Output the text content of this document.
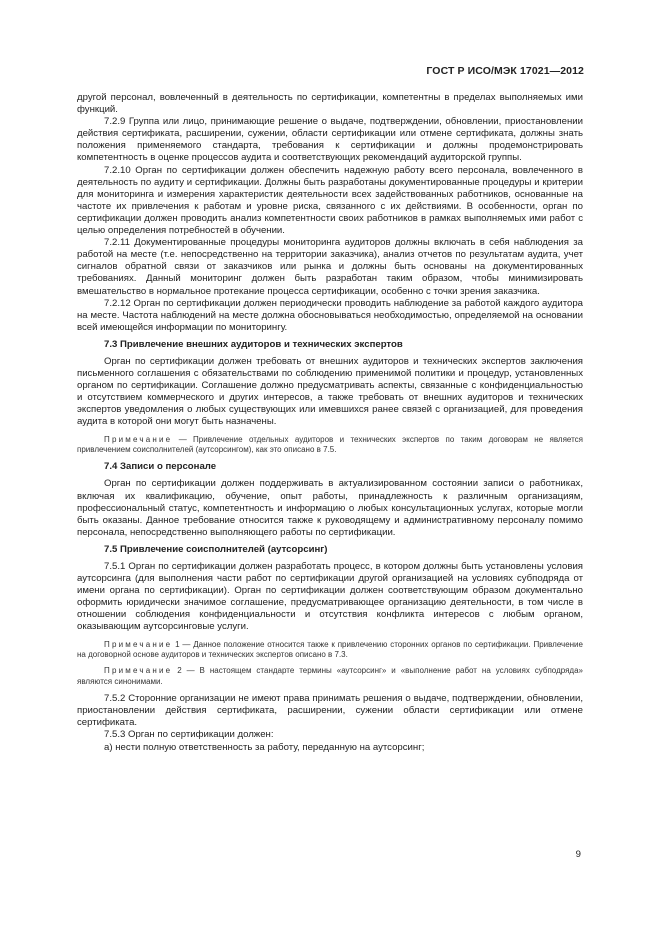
ГОСТ Р ИСО/МЭК 17021—2012

другой персонал, вовлеченный в деятельность по сертификации, компетентны в пределах выполняемых ими функций.

7.2.9 Группа или лицо, принимающие решение о выдаче, подтверждении, обновлении, приостановлении действия сертификата, расширении, сужении, области сертификации или отмене сертификата, должны знать положения применяемого стандарта, требования к сертификации и должны продемонстрировать компетентность в оценке процессов аудита и соответствующих рекомендаций аудиторской группы.

7.2.10 Орган по сертификации должен обеспечить надежную работу всего персонала, вовлеченного в деятельность по аудиту и сертификации. Должны быть разработаны документированные процедуры и критерии для мониторинга и измерения характеристик деятельности всех задействованных работников, основанные на частоте их привлечения к работам и уровне риска, связанного с их действиями. В особенности, орган по сертификации должен проводить анализ компетентности своих работников в рамках выполняемых ими работ с целью определения потребностей в обучении.

7.2.11 Документированные процедуры мониторинга аудиторов должны включать в себя наблюдения за работой на месте (т.е. непосредственно на территории заказчика), анализ отчетов по результатам аудита, учет сигналов обратной связи от заказчиков или рынка и должны быть основаны на документированных требованиях. Данный мониторинг должен быть разработан таким образом, чтобы минимизировать вмешательство в нормальное протекание процесса сертификации, особенно с точки зрения заказчика.

7.2.12 Орган по сертификации должен периодически проводить наблюдение за работой каждого аудитора на месте. Частота наблюдений на месте должна обосновываться необходимостью, определяемой на основании всей имеющейся информации по мониторингу.

7.3 Привлечение внешних аудиторов и технических экспертов

Орган по сертификации должен требовать от внешних аудиторов и технических экспертов заключения письменного соглашения с обязательствами по соблюдению применимой политики и процедур, установленных органом по сертификации. Соглашение должно предусматривать аспекты, связанные с конфиденциальностью и отсутствием коммерческого и других интересов, а также требовать от внешних аудиторов и технических экспертов уведомления о любых существующих или имевшихся ранее связей с организацией, для проведения аудита в которой они могут быть назначены.

Примечание — Привлечение отдельных аудиторов и технических экспертов по таким договорам не является привлечением соисполнителей (аутсорсингом), как это описано в 7.5.

7.4 Записи о персонале

Орган по сертификации должен поддерживать в актуализированном состоянии записи о работниках, включая их квалификацию, обучение, опыт работы, принадлежность к различным организациям, профессиональный статус, компетентность и информацию о любых консультационных услугах, которые могли быть оказаны. Данное требование относится также к руководящему и административному персоналу помимо персонала, непосредственно выполняющего работы по сертификации.

7.5 Привлечение соисполнителей (аутсорсинг)

7.5.1 Орган по сертификации должен разработать процесс, в котором должны быть установлены условия аутсорсинга (для выполнения части работ по сертификации другой организацией на условиях субподряда от имени органа по сертификации). Орган по сертификации должен соответствующим образом документально оформить юридически значимое соглашение, предусматривающее организацию деятельности, в том числе в отношении соблюдения конфиденциальности и отсутствия конфликта интересов с любым органом, оказывающим аутсорсинговые услуги.

Примечание 1 — Данное положение относится также к привлечению сторонних органов по сертификации. Привлечение на договорной основе аудиторов и технических экспертов описано в 7.3.

Примечание 2 — В настоящем стандарте термины «аутсорсинг» и «выполнение работ на условиях субподряда» являются синонимами.

7.5.2 Сторонние организации не имеют права принимать решения о выдаче, подтверждении, обновлении, приостановлении действия сертификата, расширении, сужении области сертификации или отмене сертификата.

7.5.3 Орган по сертификации должен:

а) нести полную ответственность за работу, переданную на аутсорсинг;

9
